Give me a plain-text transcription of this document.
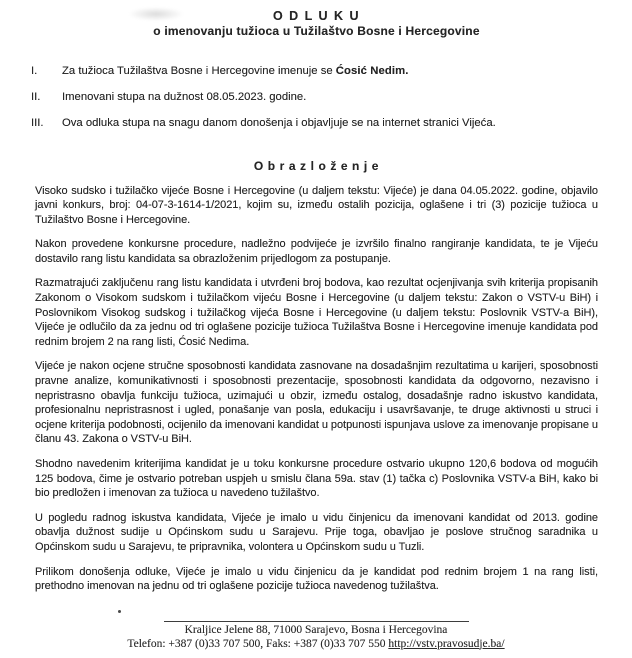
O D L U K U
o imenovanju tužioca u Tužilaštvo Bosne i Hercegovine
I.	Za tužioca Tužilaštva Bosne i Hercegovine imenuje se Ćosić Nedim.
II.	Imenovani stupa na dužnost 08.05.2023. godine.
III.	Ova odluka stupa na snagu danom donošenja i objavljuje se na internet stranici Vijeća.
O b r a z l o ž e n j e

Visoko sudsko i tužilačko vijeće Bosne i Hercegovine (u daljem tekstu: Vijeće) je dana 04.05.2022. godine, objavilo javni konkurs, broj: 04-07-3-1614-1/2021, kojim su, između ostalih pozicija, oglašene i tri (3) pozicije tužioca u Tužilaštvo Bosne i Hercegovine.

Nakon provedene konkursne procedure, nadležno podvijeće je izvršilo finalno rangiranje kandidata, te je Vijeću dostavilo rang listu kandidata sa obrazloženim prijedlogom za postupanje.

Razmatrajući zaključenu rang listu kandidata i utvrđeni broj bodova, kao rezultat ocjenjivanja svih kriterija propisanih Zakonom o Visokom sudskom i tužilačkom vijeću Bosne i Hercegovine (u daljem tekstu: Zakon o VSTV-u BiH) i Poslovnikom Visokog sudskog i tužilačkog vijeća Bosne i Hercegovine (u daljem tekstu: Poslovnik VSTV-a BiH), Vijeće je odlučilo da za jednu od tri oglašene pozicije tužioca Tužilaštva Bosne i Hercegovine imenuje kandidata pod rednim brojem 2 na rang listi, Ćosić Nedima.

Vijeće je nakon ocjene stručne sposobnosti kandidata zasnovane na dosadašnjim rezultatima u karijeri, sposobnosti pravne analize, komunikativnosti i sposobnosti prezentacije, sposobnosti kandidata da odgovorno, nezavisno i nepristrasno obavlja funkciju tužioca, uzimajući u obzir, između ostalog, dosadašnje radno iskustvo kandidata, profesionalnu nepristrasnost i ugled, ponašanje van posla, edukaciju i usavršavanje, te druge aktivnosti u struci i ocjene kriterija podobnosti, ocijenilo da imenovani kandidat u potpunosti ispunjava uslove za imenovanje propisane u članu 43. Zakona o VSTV-u BiH.

Shodno navedenim kriterijima kandidat je u toku konkursne procedure ostvario ukupno 120,6 bodova od mogućih 125 bodova, čime je ostvario potreban uspjeh u smislu člana 59a. stav (1) tačka c) Poslovnika VSTV-a BiH, kako bi bio predložen i imenovan za tužioca u navedeno tužilaštvo.

U pogledu radnog iskustva kandidata, Vijeće je imalo u vidu činjenicu da imenovani kandidat od 2013. godine obavlja dužnost sudije u Općinskom sudu u Sarajevu. Prije toga, obavljao je poslove stručnog saradnika u Općinskom sudu u Sarajevu, te pripravnika, volontera u Općinskom sudu u Tuzli.

Prilikom donošenja odluke, Vijeće je imalo u vidu činjenicu da je kandidat pod rednim brojem 1 na rang listi, prethodno imenovan na jednu od tri oglašene pozicije tužioca navedenog tužilaštva.

Kraljice Jelene 88, 71000 Sarajevo, Bosna i Hercegovina
Telefon: +387 (0)33 707 500, Faks: +387 (0)33 707 550 http://vstv.pravosudje.ba/
